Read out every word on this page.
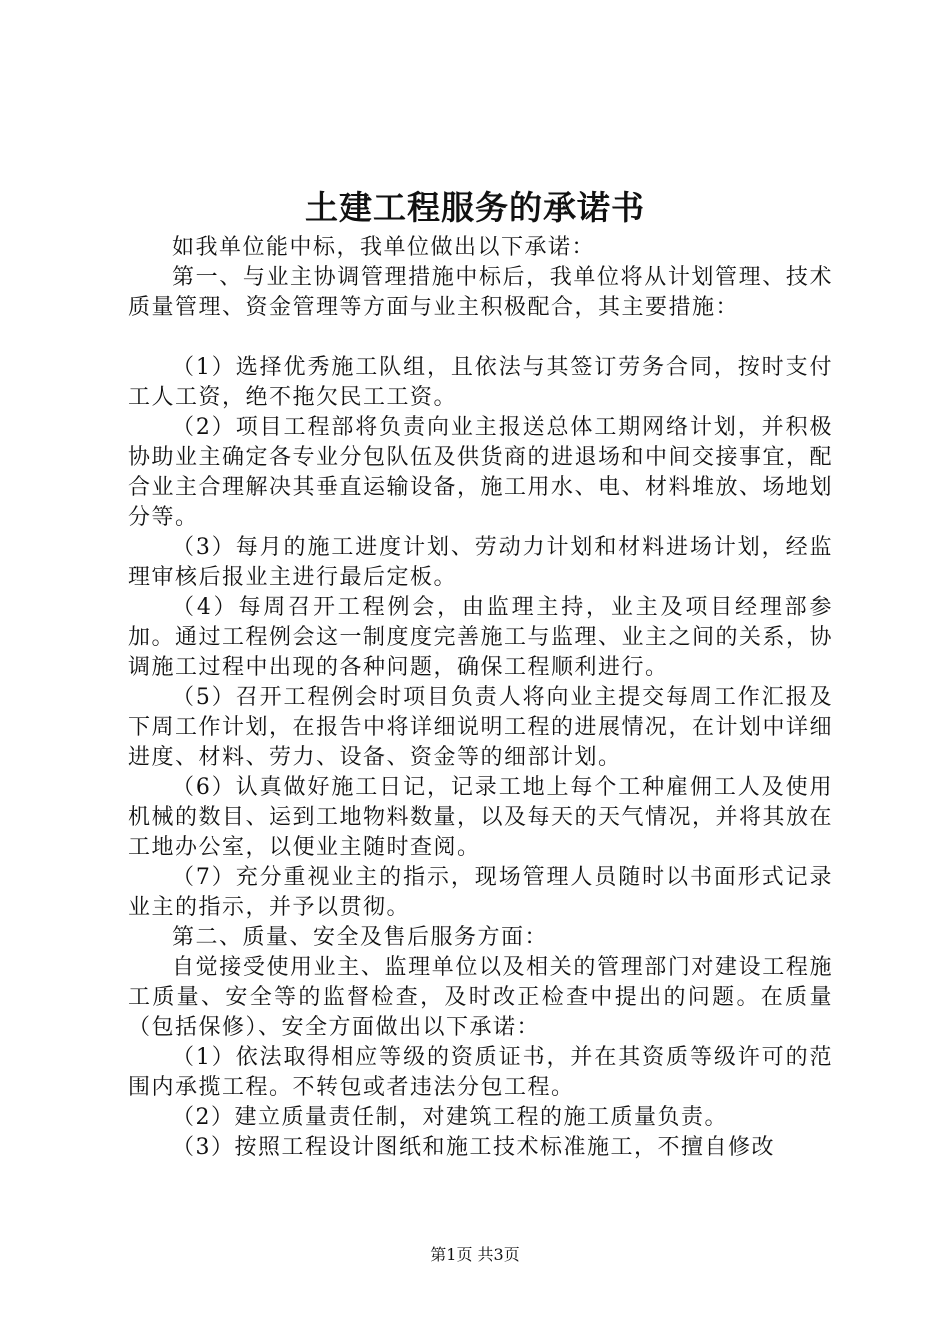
土建工程服务的承诺书

如我单位能中标，我单位做出以下承诺：

第一、与业主协调管理措施中标后，我单位将从计划管理、技术质量管理、资金管理等方面与业主积极配合，其主要措施：

（1）选择优秀施工队组，且依法与其签订劳务合同，按时支付工人工资，绝不拖欠民工工资。

（2）项目工程部将负责向业主报送总体工期网络计划，并积极协助业主确定各专业分包队伍及供货商的进退场和中间交接事宜，配合业主合理解决其垂直运输设备，施工用水、电、材料堆放、场地划分等。

（3）每月的施工进度计划、劳动力计划和材料进场计划，经监理审核后报业主进行最后定板。

（4）每周召开工程例会，由监理主持，业主及项目经理部参加。通过工程例会这一制度度完善施工与监理、业主之间的关系，协调施工过程中出现的各种问题，确保工程顺利进行。

（5）召开工程例会时项目负责人将向业主提交每周工作汇报及下周工作计划，在报告中将详细说明工程的进展情况，在计划中详细进度、材料、劳力、设备、资金等的细部计划。

（6）认真做好施工日记，记录工地上每个工种雇佣工人及使用机械的数目、运到工地物料数量，以及每天的天气情况，并将其放在工地办公室，以便业主随时查阅。

（7）充分重视业主的指示，现场管理人员随时以书面形式记录业主的指示，并予以贯彻。

第二、质量、安全及售后服务方面：

自觉接受使用业主、监理单位以及相关的管理部门对建设工程施工质量、安全等的监督检查，及时改正检查中提出的问题。在质量（包括保修）、安全方面做出以下承诺：

（1）依法取得相应等级的资质证书，并在其资质等级许可的范围内承揽工程。不转包或者违法分包工程。

（2）建立质量责任制，对建筑工程的施工质量负责。

（3）按照工程设计图纸和施工技术标准施工，不擅自修改

第1页 共3页
